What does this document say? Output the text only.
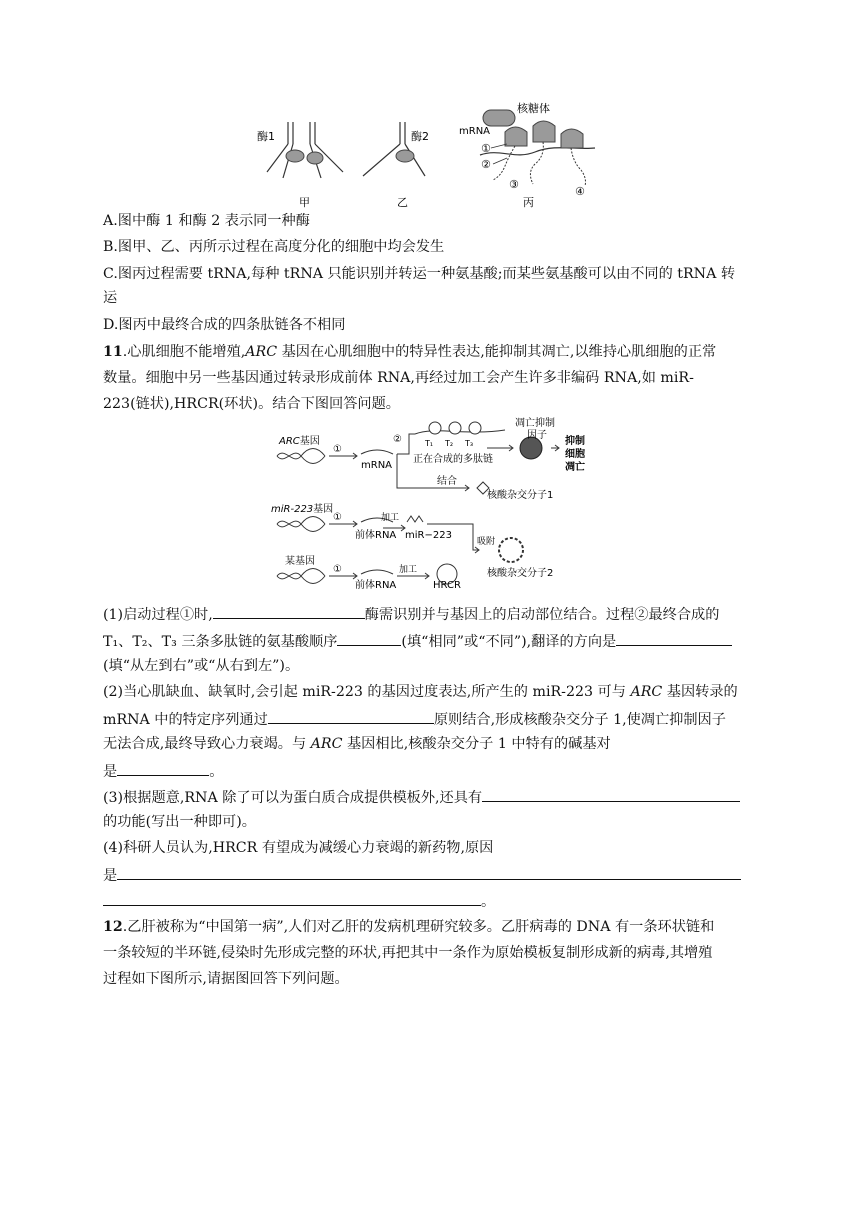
酶1	酶2
核糖体
mRNA
①
②
③
④
甲	乙	丙
A.图中酶 1 和酶 2 表示同一种酶
B.图甲、乙、丙所示过程在高度分化的细胞中均会发生
C.图丙过程需要 tRNA,每种 tRNA 只能识别并转运一种氨基酸;而某些氨基酸可以由不同的 tRNA 转
运
D.图丙中最终合成的四条肽链各不相同
11.心肌细胞不能增殖,ARC 基因在心肌细胞中的特异性表达,能抑制其凋亡,以维持心肌细胞的正常
数量。细胞中另一些基因通过转录形成前体 RNA,再经过加工会产生许多非编码 RNA,如 miR-
223(链状),HRCR(环状)。结合下图回答问题。
ARC基因
miR-223基因
某基因
②	T₁ T₂ T₃
正在合成的多肽链
凋亡抑制
因子
抑制
细胞
凋亡
①
mRNA
结合
核酸杂交分子1
①	加工
前体RNA miR−223
吸附
核酸杂交分子2
①	加工
前体RNA	HRCR
(1)启动过程①时,	酶需识别并与基因上的启动部位结合。过程②最终合成的
T₁、T₂、T₃ 三条多肽链的氨基酸顺序	(填“相同”或“不同”),翻译的方向是
(填“从左到右”或“从右到左”)。
(2)当心肌缺血、缺氧时,会引起 miR-223 的基因过度表达,所产生的 miR-223 可与 ARC 基因转录的
mRNA 中的特定序列通过	原则结合,形成核酸杂交分子 1,使凋亡抑制因子
无法合成,最终导致心力衰竭。与 ARC 基因相比,核酸杂交分子 1 中特有的碱基对
是	。
(3)根据题意,RNA 除了可以为蛋白质合成提供模板外,还具有
的功能(写出一种即可)。
(4)科研人员认为,HRCR 有望成为减缓心力衰竭的新药物,原因
是
。
12.乙肝被称为“中国第一病”,人们对乙肝的发病机理研究较多。乙肝病毒的 DNA 有一条环状链和
一条较短的半环链,侵染时先形成完整的环状,再把其中一条作为原始模板复制形成新的病毒,其增殖
过程如下图所示,请据图回答下列问题。
